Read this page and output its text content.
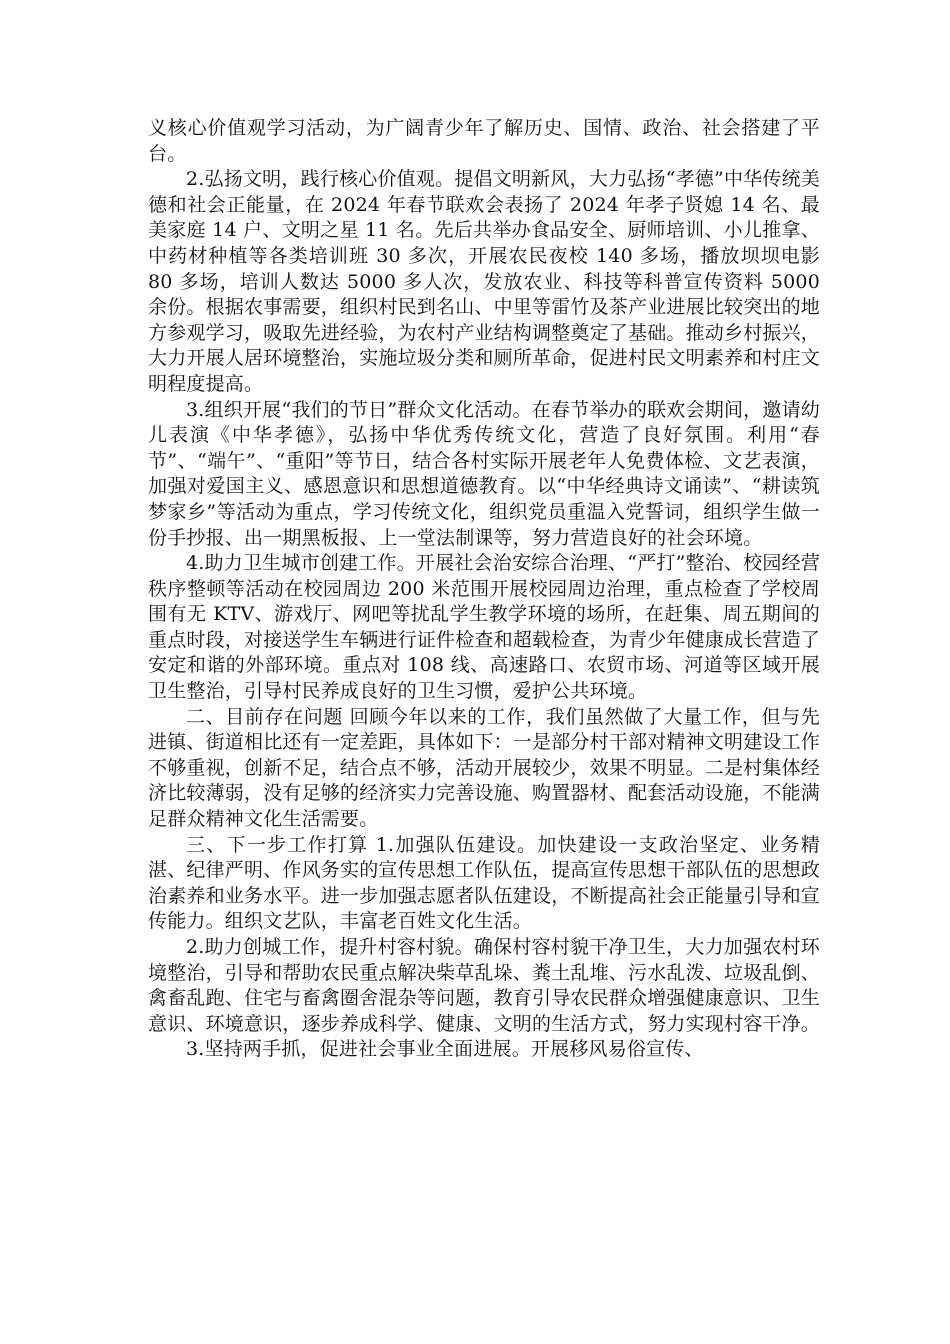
义核心价值观学习活动，为广阔青少年了解历史、国情、政治、社会搭建了平台。

2.弘扬文明，践行核心价值观。提倡文明新风，大力弘扬“孝德”中华传统美德和社会正能量，在 2024 年春节联欢会表扬了 2024 年孝子贤媳 14 名、最美家庭 14 户、文明之星 11 名。先后共举办食品安全、厨师培训、小儿推拿、中药材种植等各类培训班 30 多次，开展农民夜校 140 多场，播放坝坝电影 80 多场，培训人数达 5000 多人次，发放农业、科技等科普宣传资料 5000 余份。根据农事需要，组织村民到名山、中里等雷竹及茶产业进展比较突出的地方参观学习，吸取先进经验，为农村产业结构调整奠定了基础。推动乡村振兴，大力开展人居环境整治，实施垃圾分类和厕所革命，促进村民文明素养和村庄文明程度提高。

3.组织开展“我们的节日”群众文化活动。在春节举办的联欢会期间，邀请幼儿表演《中华孝德》，弘扬中华优秀传统文化，营造了良好氛围。利用“春节”、“端午”、“重阳”等节日，结合各村实际开展老年人免费体检、文艺表演，加强对爱国主义、感恩意识和思想道德教育。以“中华经典诗文诵读”、“耕读筑梦家乡”等活动为重点，学习传统文化，组织党员重温入党誓词，组织学生做一份手抄报、出一期黑板报、上一堂法制课等，努力营造良好的社会环境。

4.助力卫生城市创建工作。开展社会治安综合治理、“严打”整治、校园经营秩序整顿等活动在校园周边 200 米范围开展校园周边治理，重点检查了学校周围有无 KTV、游戏厅、网吧等扰乱学生教学环境的场所，在赶集、周五期间的重点时段，对接送学生车辆进行证件检查和超载检查，为青少年健康成长营造了安定和谐的外部环境。重点对 108 线、高速路口、农贸市场、河道等区域开展卫生整治，引导村民养成良好的卫生习惯，爱护公共环境。

二、目前存在问题 回顾今年以来的工作，我们虽然做了大量工作，但与先进镇、街道相比还有一定差距，具体如下：一是部分村干部对精神文明建设工作不够重视，创新不足，结合点不够，活动开展较少，效果不明显。二是村集体经济比较薄弱，没有足够的经济实力完善设施、购置器材、配套活动设施，不能满足群众精神文化生活需要。

三、下一步工作打算 1.加强队伍建设。加快建设一支政治坚定、业务精湛、纪律严明、作风务实的宣传思想工作队伍，提高宣传思想干部队伍的思想政治素养和业务水平。进一步加强志愿者队伍建设，不断提高社会正能量引导和宣传能力。组织文艺队，丰富老百姓文化生活。

2.助力创城工作，提升村容村貌。确保村容村貌干净卫生，大力加强农村环境整治，引导和帮助农民重点解决柴草乱垛、粪土乱堆、污水乱泼、垃圾乱倒、禽畜乱跑、住宅与畜禽圈舍混杂等问题，教育引导农民群众增强健康意识、卫生意识、环境意识，逐步养成科学、健康、文明的生活方式，努力实现村容干净。

3.坚持两手抓，促进社会事业全面进展。开展移风易俗宣传、
